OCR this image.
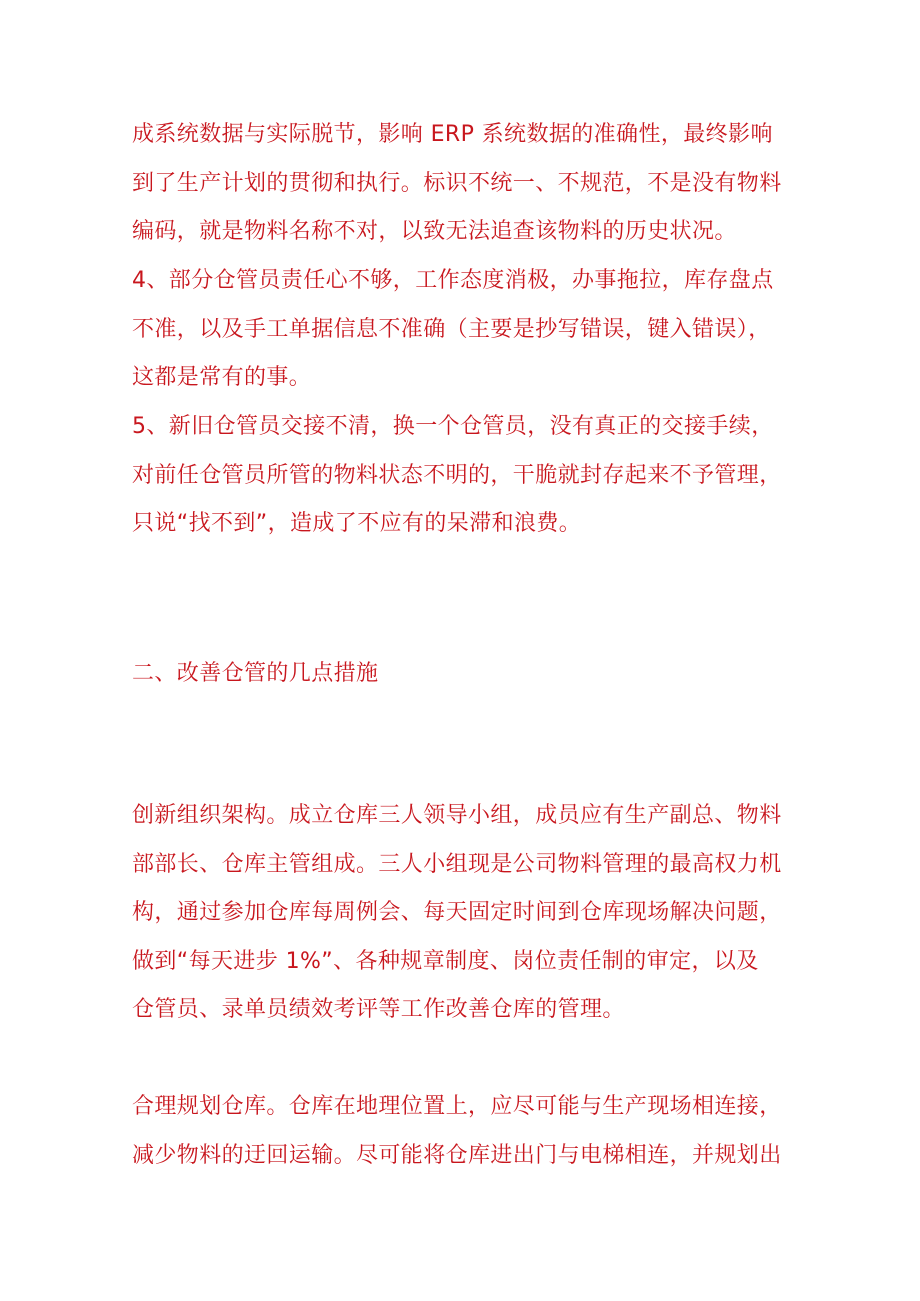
成系统数据与实际脱节，影响 ERP 系统数据的准确性，最终影响
到了生产计划的贯彻和执行。标识不统一、不规范，不是没有物料
编码，就是物料名称不对，以致无法追查该物料的历史状况。
4、部分仓管员责任心不够，工作态度消极，办事拖拉，库存盘点
不准，以及手工单据信息不准确（主要是抄写错误，键入错误），
这都是常有的事。
5、新旧仓管员交接不清，换一个仓管员，没有真正的交接手续，
对前任仓管员所管的物料状态不明的，干脆就封存起来不予管理，
只说“找不到”，造成了不应有的呆滞和浪费。
二、改善仓管的几点措施
创新组织架构。成立仓库三人领导小组，成员应有生产副总、物料
部部长、仓库主管组成。三人小组现是公司物料管理的最高权力机
构，通过参加仓库每周例会、每天固定时间到仓库现场解决问题，
做到“每天进步 1%”、各种规章制度、岗位责任制的审定，以及
仓管员、录单员绩效考评等工作改善仓库的管理。
合理规划仓库。仓库在地理位置上，应尽可能与生产现场相连接，
减少物料的迂回运输。尽可能将仓库进出门与电梯相连，并规划出
